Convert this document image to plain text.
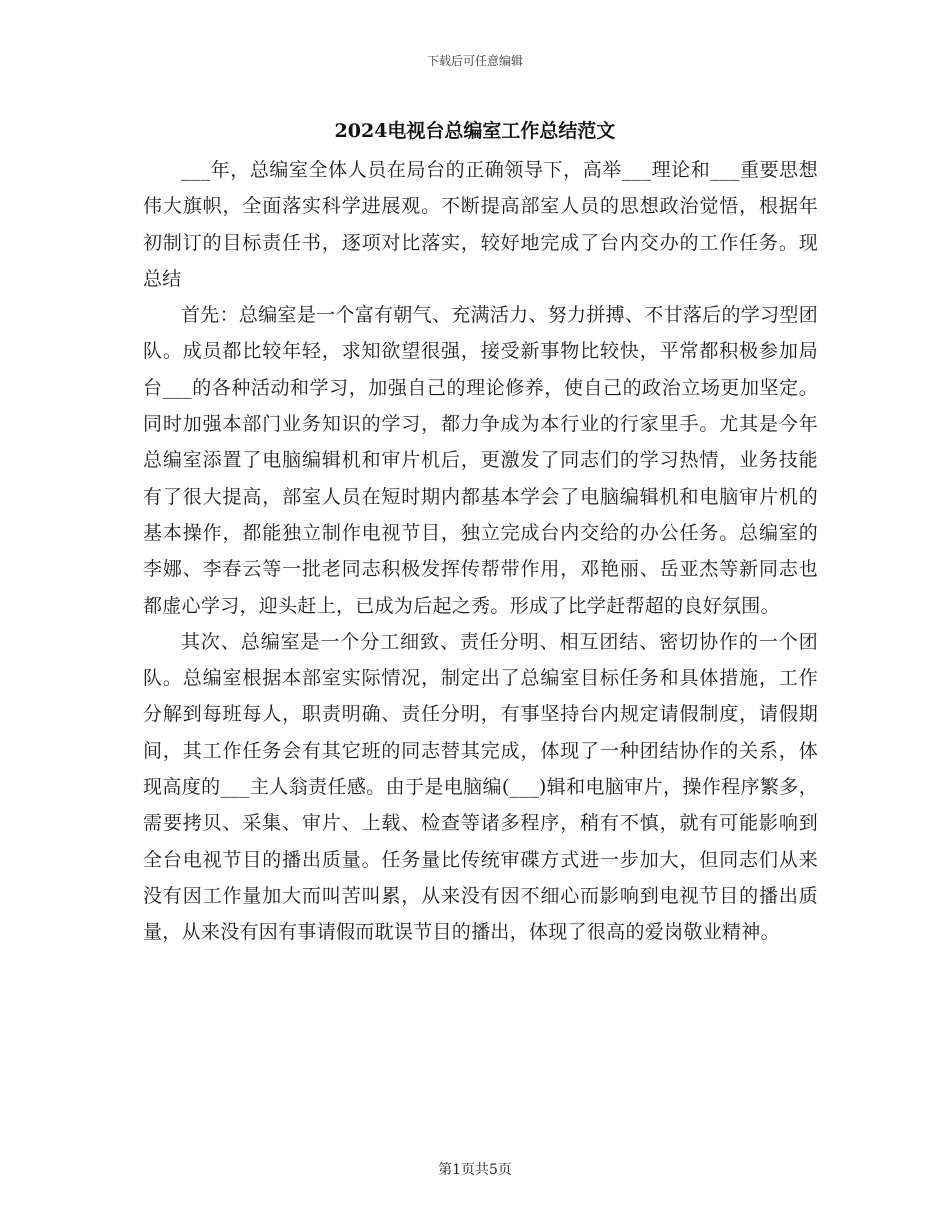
下载后可任意编辑
2024电视台总编室工作总结范文

___年，总编室全体人员在局台的正确领导下，高举___理论和___重要思想伟大旗帜，全面落实科学进展观。不断提高部室人员的思想政治觉悟，根据年初制订的目标责任书，逐项对比落实，较好地完成了台内交办的工作任务。现总结

首先：总编室是一个富有朝气、充满活力、努力拼搏、不甘落后的学习型团队。成员都比较年轻，求知欲望很强，接受新事物比较快，平常都积极参加局台___的各种活动和学习，加强自己的理论修养，使自己的政治立场更加坚定。同时加强本部门业务知识的学习，都力争成为本行业的行家里手。尤其是今年总编室添置了电脑编辑机和审片机后，更激发了同志们的学习热情，业务技能有了很大提高，部室人员在短时期内都基本学会了电脑编辑机和电脑审片机的基本操作，都能独立制作电视节目，独立完成台内交给的办公任务。总编室的李娜、李春云等一批老同志积极发挥传帮带作用，邓艳丽、岳亚杰等新同志也都虚心学习，迎头赶上，已成为后起之秀。形成了比学赶帮超的良好氛围。

其次、总编室是一个分工细致、责任分明、相互团结、密切协作的一个团队。总编室根据本部室实际情况，制定出了总编室目标任务和具体措施，工作分解到每班每人，职责明确、责任分明，有事坚持台内规定请假制度，请假期间，其工作任务会有其它班的同志替其完成，体现了一种团结协作的关系，体现高度的___主人翁责任感。由于是电脑编(___)辑和电脑审片，操作程序繁多，需要拷贝、采集、审片、上载、检查等诸多程序，稍有不慎，就有可能影响到全台电视节目的播出质量。任务量比传统审碟方式进一步加大，但同志们从来没有因工作量加大而叫苦叫累，从来没有因不细心而影响到电视节目的播出质量，从来没有因有事请假而耽误节目的播出，体现了很高的爱岗敬业精神。

第1页共5页
